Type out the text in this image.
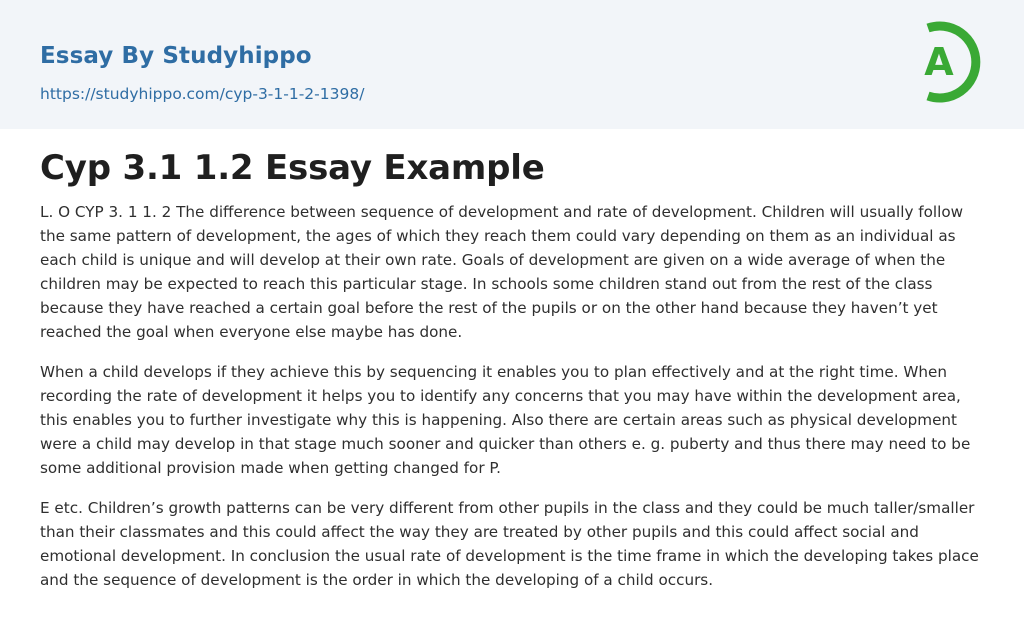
Essay By Studyhippo
https://studyhippo.com/cyp-3-1-1-2-1398/
A
Cyp 3.1 1.2 Essay Example

L. O CYP 3. 1 1. 2 The difference between sequence of development and rate of development. Children will usually follow the same pattern of development, the ages of which they reach them could vary depending on them as an individual as each child is unique and will develop at their own rate. Goals of development are given on a wide average of when the children may be expected to reach this particular stage. In schools some children stand out from the rest of the class because they have reached a certain goal before the rest of the pupils or on the other hand because they haven’t yet reached the goal when everyone else maybe has done.

When a child develops if they achieve this by sequencing it enables you to plan effectively and at the right time. When recording the rate of development it helps you to identify any concerns that you may have within the development area, this enables you to further investigate why this is happening. Also there are certain areas such as physical development were a child may develop in that stage much sooner and quicker than others e. g. puberty and thus there may need to be some additional provision made when getting changed for P.

E etc. Children’s growth patterns can be very different from other pupils in the class and they could be much taller/smaller than their classmates and this could affect the way they are treated by other pupils and this could affect social and emotional development. In conclusion the usual rate of development is the time frame in which the developing takes place and the sequence of development is the order in which the developing of a child occurs.
